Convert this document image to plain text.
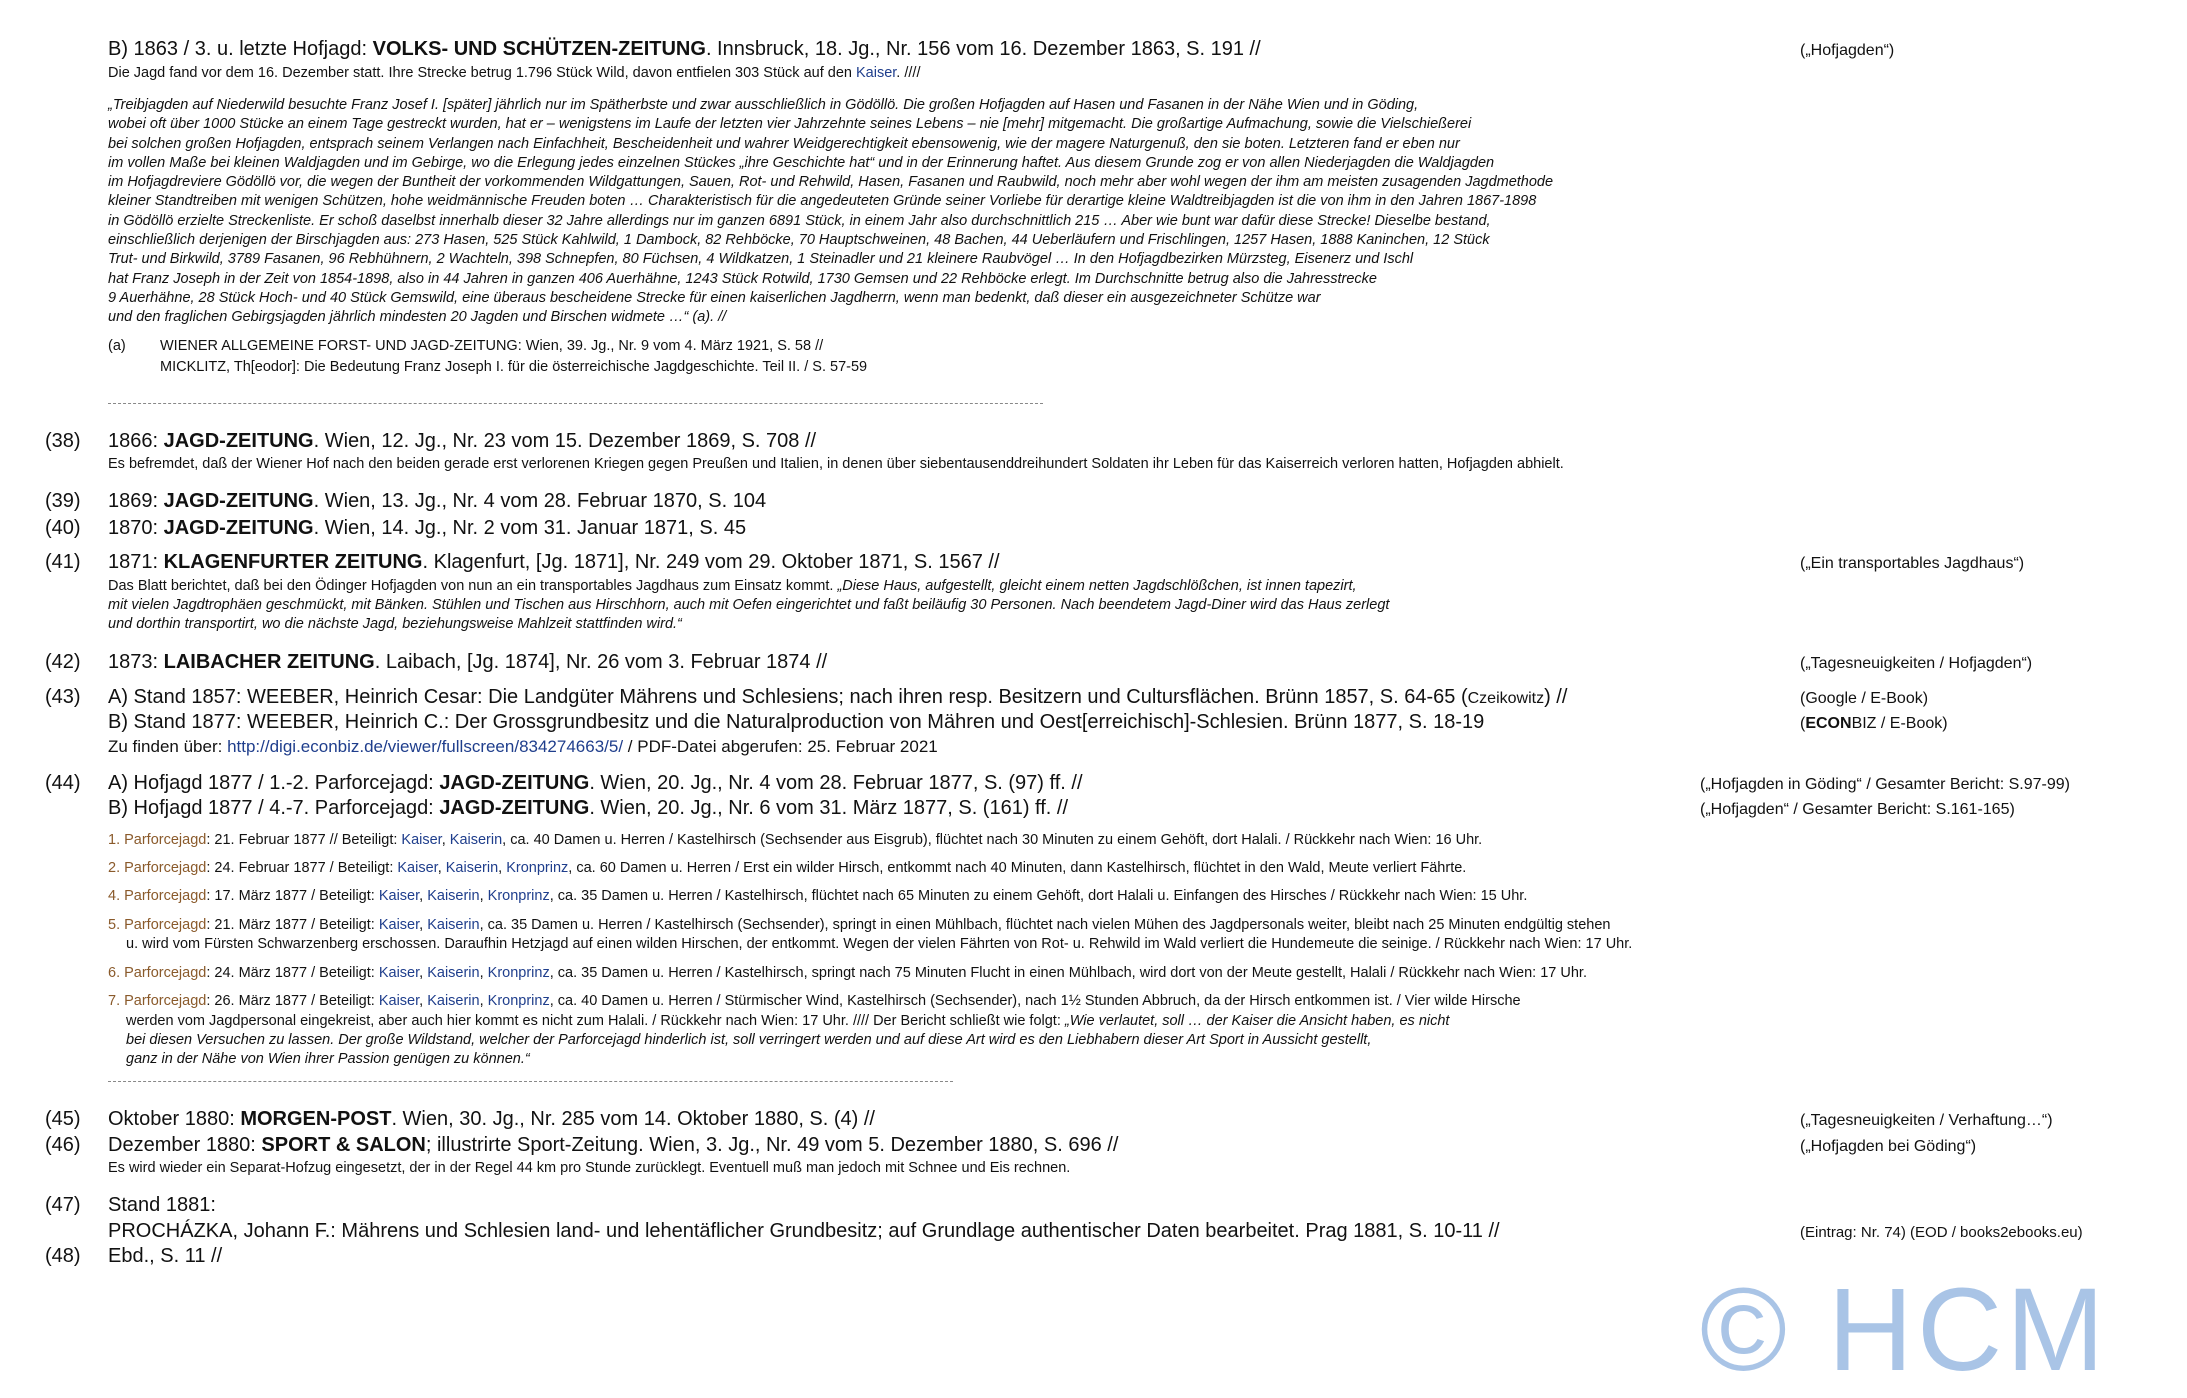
B) 1863 / 3. u. letzte Hofjagd: VOLKS- UND SCHÜTZEN-ZEITUNG. Innsbruck, 18. Jg., Nr. 156 vom 16. Dezember 1863, S. 191 //	(„Hofjagden“)
Die Jagd fand vor dem 16. Dezember statt. Ihre Strecke betrug 1.796 Stück Wild, davon entfielen 303 Stück auf den Kaiser. ////
„Treibjagden auf Niederwild besuchte Franz Josef I. [später] jährlich nur im Spätherbste und zwar ausschließlich in Gödöllö. Die großen Hofjagden auf Hasen und Fasanen in der Nähe Wien und in Göding,
wobei oft über 1000 Stücke an einem Tage gestreckt wurden, hat er – wenigstens im Laufe der letzten vier Jahrzehnte seines Lebens – nie [mehr] mitgemacht. Die großartige Aufmachung, sowie die Vielschießerei
bei solchen großen Hofjagden, entsprach seinem Verlangen nach Einfachheit, Bescheidenheit und wahrer Weidgerechtigkeit ebensowenig, wie der magere Naturgenuß, den sie boten. Letzteren fand er eben nur
im vollen Maße bei kleinen Waldjagden und im Gebirge, wo die Erlegung jedes einzelnen Stückes „ihre Geschichte hat“ und in der Erinnerung haftet. Aus diesem Grunde zog er von allen Niederjagden die Waldjagden
im Hofjagdreviere Gödöllö vor, die wegen der Buntheit der vorkommenden Wildgattungen, Sauen, Rot- und Rehwild, Hasen, Fasanen und Raubwild, noch mehr aber wohl wegen der ihm am meisten zusagenden Jagdmethode
kleiner Standtreiben mit wenigen Schützen, hohe weidmännische Freuden boten … Charakteristisch für die angedeuteten Gründe seiner Vorliebe für derartige kleine Waldtreibjagden ist die von ihm in den Jahren 1867-1898
in Gödöllö erzielte Streckenliste. Er schoß daselbst innerhalb dieser 32 Jahre allerdings nur im ganzen 6891 Stück, in einem Jahr also durchschnittlich 215 … Aber wie bunt war dafür diese Strecke! Dieselbe bestand,
einschließlich derjenigen der Birschjagden aus: 273 Hasen, 525 Stück Kahlwild, 1 Dambock, 82 Rehböcke, 70 Hauptschweinen, 48 Bachen, 44 Ueberläufern und Frischlingen, 1257 Hasen, 1888 Kaninchen, 12 Stück
Trut- und Birkwild, 3789 Fasanen, 96 Rebhühnern, 2 Wachteln, 398 Schnepfen, 80 Füchsen, 4 Wildkatzen, 1 Steinadler und 21 kleinere Raubvögel … In den Hofjagdbezirken Mürzsteg, Eisenerz und Ischl
hat Franz Joseph in der Zeit von 1854-1898, also in 44 Jahren in ganzen 406 Auerhähne, 1243 Stück Rotwild, 1730 Gemsen und 22 Rehböcke erlegt. Im Durchschnitte betrug also die Jahresstrecke
9 Auerhähne, 28 Stück Hoch- und 40 Stück Gemswild, eine überaus bescheidene Strecke für einen kaiserlichen Jagdherrn, wenn man bedenkt, daß dieser ein ausgezeichneter Schütze war
und den fraglichen Gebirgsjagden jährlich mindesten 20 Jagden und Birschen widmete …“ (a). //
(a) WIENER ALLGEMEINE FORST- UND JAGD-ZEITUNG: Wien, 39. Jg., Nr. 9 vom 4. März 1921, S. 58 //
MICKLITZ, Th[eodor]: Die Bedeutung Franz Joseph I. für die österreichische Jagdgeschichte. Teil II. / S. 57-59
(38) 1866: JAGD-ZEITUNG. Wien, 12. Jg., Nr. 23 vom 15. Dezember 1869, S. 708 //
Es befremdet, daß der Wiener Hof nach den beiden gerade erst verlorenen Kriegen gegen Preußen und Italien, in denen über siebentausenddreihundert Soldaten ihr Leben für das Kaiserreich verloren hatten, Hofjagden abhielt.
(39) 1869: JAGD-ZEITUNG. Wien, 13. Jg., Nr. 4 vom 28. Februar 1870, S. 104
(40) 1870: JAGD-ZEITUNG. Wien, 14. Jg., Nr. 2 vom 31. Januar 1871, S. 45
(41) 1871: KLAGENFURTER ZEITUNG. Klagenfurt, [Jg. 1871], Nr. 249 vom 29. Oktober 1871, S. 1567 //	(„Ein transportables Jagdhaus“)
Das Blatt berichtet, daß bei den Ödinger Hofjagden von nun an ein transportables Jagdhaus zum Einsatz kommt. „Diese Haus, aufgestellt, gleicht einem netten Jagdschlößchen, ist innen tapezirt,
mit vielen Jagdtrophäen geschmückt, mit Bänken. Stühlen und Tischen aus Hirschhorn, auch mit Oefen eingerichtet und faßt beiläufig 30 Personen. Nach beendetem Jagd-Diner wird das Haus zerlegt
und dorthin transportirt, wo die nächste Jagd, beziehungsweise Mahlzeit stattfinden wird.“
(42) 1873: LAIBACHER ZEITUNG. Laibach, [Jg. 1874], Nr. 26 vom 3. Februar 1874 //	(„Tagesneuigkeiten / Hofjagden“)
(43) A) Stand 1857: WEEBER, Heinrich Cesar: Die Landgüter Mährens und Schlesiens; nach ihren resp. Besitzern und Cultursflächen. Brünn 1857, S. 64-65 (Czeikowitz) //	(Google / E-Book)
B) Stand 1877: WEEBER, Heinrich C.: Der Grossgrundbesitz und die Naturalproduction von Mähren und Oest[erreichisch]-Schlesien. Brünn 1877, S. 18-19	(ECONBIZ / E-Book)
Zu finden über: http://digi.econbiz.de/viewer/fullscreen/834274663/5/ / PDF-Datei abgerufen: 25. Februar 2021
(44) A) Hofjagd 1877 / 1.-2. Parforcejagd: JAGD-ZEITUNG. Wien, 20. Jg., Nr. 4 vom 28. Februar 1877, S. (97) ff. //	(„Hofjagden in Göding“ / Gesamter Bericht: S.97-99)
B) Hofjagd 1877 / 4.-7. Parforcejagd: JAGD-ZEITUNG. Wien, 20. Jg., Nr. 6 vom 31. März 1877, S. (161) ff. //	(„Hofjagden“ / Gesamter Bericht: S.161-165)
1. Parforcejagd: 21. Februar 1877 // Beteiligt: Kaiser, Kaiserin, ca. 40 Damen u. Herren / Kastelhirsch (Sechsender aus Eisgrub), flüchtet nach 30 Minuten zu einem Gehöft, dort Halali. / Rückkehr nach Wien: 16 Uhr.
2. Parforcejagd: 24. Februar 1877 / Beteiligt: Kaiser, Kaiserin, Kronprinz, ca. 60 Damen u. Herren / Erst ein wilder Hirsch, entkommt nach 40 Minuten, dann Kastelhirsch, flüchtet in den Wald, Meute verliert Fährte.
4. Parforcejagd: 17. März 1877 / Beteiligt: Kaiser, Kaiserin, Kronprinz, ca. 35 Damen u. Herren / Kastelhirsch, flüchtet nach 65 Minuten zu einem Gehöft, dort Halali u. Einfangen des Hirsches / Rückkehr nach Wien: 15 Uhr.
5. Parforcejagd: 21. März 1877 / Beteiligt: Kaiser, Kaiserin, ca. 35 Damen u. Herren / Kastelhirsch (Sechsender), springt in einen Mühlbach, flüchtet nach vielen Mühen des Jagdpersonals weiter, bleibt nach 25 Minuten endgültig stehen
u. wird vom Fürsten Schwarzenberg erschossen. Daraufhin Hetzjagd auf einen wilden Hirschen, der entkommt. Wegen der vielen Fährten von Rot- u. Rehwild im Wald verliert die Hundemeute die seinige. / Rückkehr nach Wien: 17 Uhr.
6. Parforcejagd: 24. März 1877 / Beteiligt: Kaiser, Kaiserin, Kronprinz, ca. 35 Damen u. Herren / Kastelhirsch, springt nach 75 Minuten Flucht in einen Mühlbach, wird dort von der Meute gestellt, Halali / Rückkehr nach Wien: 17 Uhr.
7. Parforcejagd: 26. März 1877 / Beteiligt: Kaiser, Kaiserin, Kronprinz, ca. 40 Damen u. Herren / Stürmischer Wind, Kastelhirsch (Sechsender), nach 1½ Stunden Abbruch, da der Hirsch entkommen ist. / Vier wilde Hirsche
werden vom Jagdpersonal eingekreist, aber auch hier kommt es nicht zum Halali. / Rückkehr nach Wien: 17 Uhr. //// Der Bericht schließt wie folgt: „Wie verlautet, soll … der Kaiser die Ansicht haben, es nicht
bei diesen Versuchen zu lassen. Der große Wildstand, welcher der Parforcejagd hinderlich ist, soll verringert werden und auf diese Art wird es den Liebhabern dieser Art Sport in Aussicht gestellt,
ganz in der Nähe von Wien ihrer Passion genügen zu können.“
(45) Oktober 1880: MORGEN-POST. Wien, 30. Jg., Nr. 285 vom 14. Oktober 1880, S. (4) //	(„Tagesneuigkeiten / Verhaftung…“)
(46) Dezember 1880: SPORT & SALON; illustrirte Sport-Zeitung. Wien, 3. Jg., Nr. 49 vom 5. Dezember 1880, S. 696 //	(„Hofjagden bei Göding“)
Es wird wieder ein Separat-Hofzug eingesetzt, der in der Regel 44 km pro Stunde zurücklegt. Eventuell muß man jedoch mit Schnee und Eis rechnen.
(47) Stand 1881:
PROCHÁZKA, Johann F.: Mährens und Schlesien land- und lehentäflicher Grundbesitz; auf Grundlage authentischer Daten bearbeitet. Prag 1881, S. 10-11 //	(Eintrag: Nr. 74) (EOD / books2ebooks.eu)
(48) Ebd., S. 11 //
© HCM
